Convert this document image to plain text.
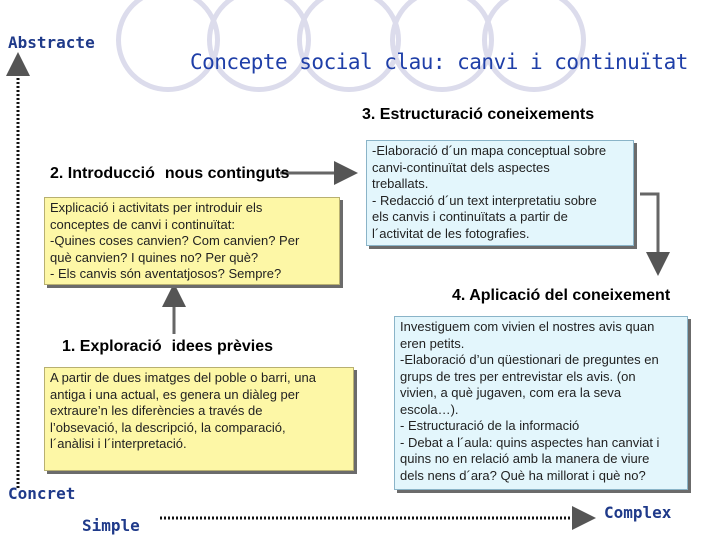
Abstracte
Concret
Simple
Complex
Concepte social clau: canvi i continuïtat
1. Exploració idees prèvies
2. Introducció nous continguts
3. Estructuració coneixements
4. Aplicació del coneixement
A partir de dues imatges del poble o barri, una
antiga i una actual, es genera un diàleg per
extraure’n les diferències a través de
l’obsevació, la descripció, la comparació,
l´anàlisi i l´interpretació.
Explicació i activitats per introduir els
conceptes de canvi i continuïtat:
-Quines coses canvien? Com canvien? Per
què canvien? I quines no? Per què?
- Els canvis són aventatjosos? Sempre?
-Elaboració d´un mapa conceptual sobre
canvi-continuïtat dels aspectes
treballats.
- Redacció d´un text interpretatiu sobre
els canvis i continuïtats a partir de
l´activitat de les fotografies.
Investiguem com vivien el nostres avis quan
eren petits.
-Elaboració d’un qüestionari de preguntes en
grups de tres per entrevistar els avis. (on
vivien, a què jugaven, com era la seva
escola…).
- Estructuració de la informació
- Debat a l´aula: quins aspectes han canviat i
quins no en relació amb la manera de viure
dels nens d´ara? Què ha millorat i què no?
